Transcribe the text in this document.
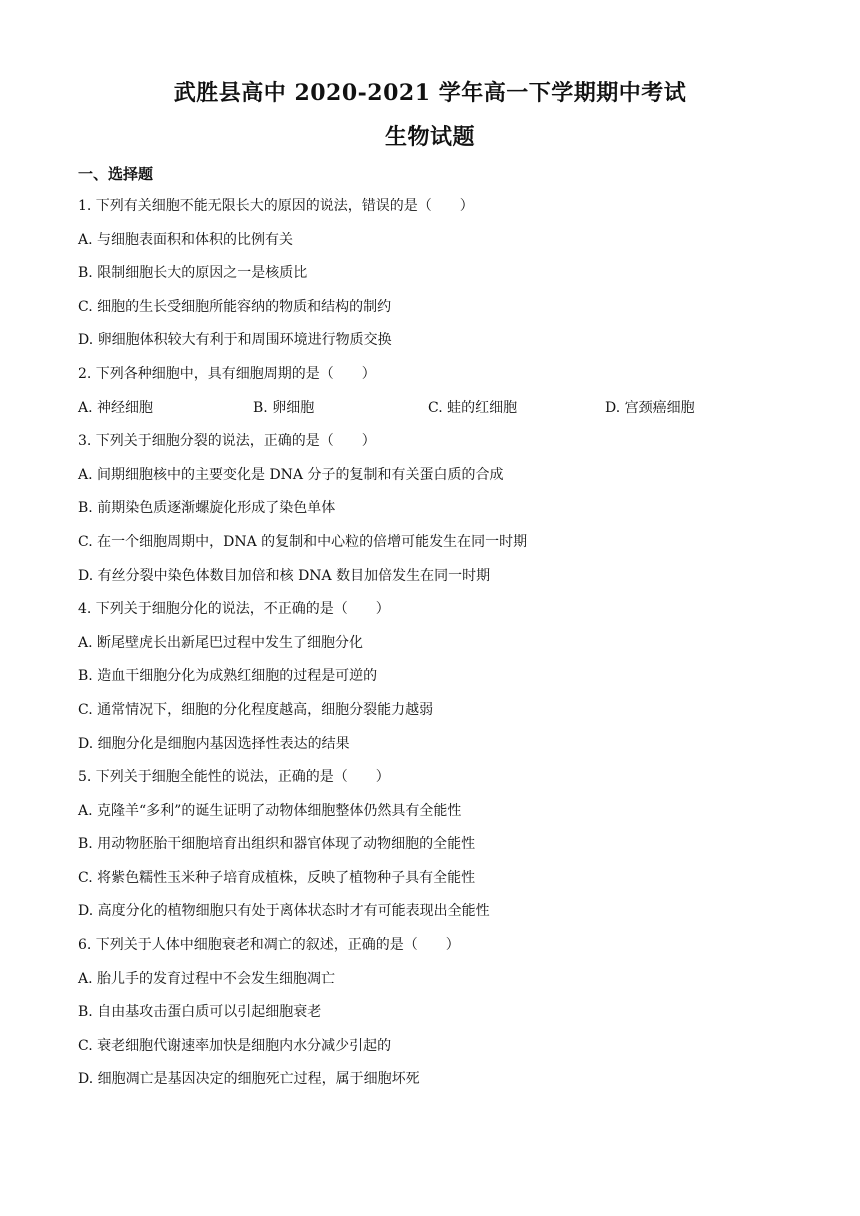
武胜县高中 2020-2021 学年高一下学期期中考试
生物试题
一、选择题
1. 下列有关细胞不能无限长大的原因的说法，错误的是（　　）
A. 与细胞表面积和体积的比例有关
B. 限制细胞长大的原因之一是核质比
C. 细胞的生长受细胞所能容纳的物质和结构的制约
D. 卵细胞体积较大有利于和周围环境进行物质交换
2. 下列各种细胞中，具有细胞周期的是（　　）
A. 神经细胞	B. 卵细胞	C. 蛙的红细胞	D. 宫颈癌细胞
3. 下列关于细胞分裂的说法，正确的是（　　）
A. 间期细胞核中的主要变化是 DNA 分子的复制和有关蛋白质的合成
B. 前期染色质逐渐螺旋化形成了染色单体
C. 在一个细胞周期中，DNA 的复制和中心粒的倍增可能发生在同一时期
D. 有丝分裂中染色体数目加倍和核 DNA 数目加倍发生在同一时期
4. 下列关于细胞分化的说法，不正确的是（　　）
A. 断尾壁虎长出新尾巴过程中发生了细胞分化
B. 造血干细胞分化为成熟红细胞的过程是可逆的
C. 通常情况下，细胞的分化程度越高，细胞分裂能力越弱
D. 细胞分化是细胞内基因选择性表达的结果
5. 下列关于细胞全能性的说法，正确的是（　　）
A. 克隆羊“多利”的诞生证明了动物体细胞整体仍然具有全能性
B. 用动物胚胎干细胞培育出组织和器官体现了动物细胞的全能性
C. 将紫色糯性玉米种子培育成植株，反映了植物种子具有全能性
D. 高度分化的植物细胞只有处于离体状态时才有可能表现出全能性
6. 下列关于人体中细胞衰老和凋亡的叙述，正确的是（　　）
A. 胎儿手的发育过程中不会发生细胞凋亡
B. 自由基攻击蛋白质可以引起细胞衰老
C. 衰老细胞代谢速率加快是细胞内水分减少引起的
D. 细胞凋亡是基因决定的细胞死亡过程，属于细胞坏死
